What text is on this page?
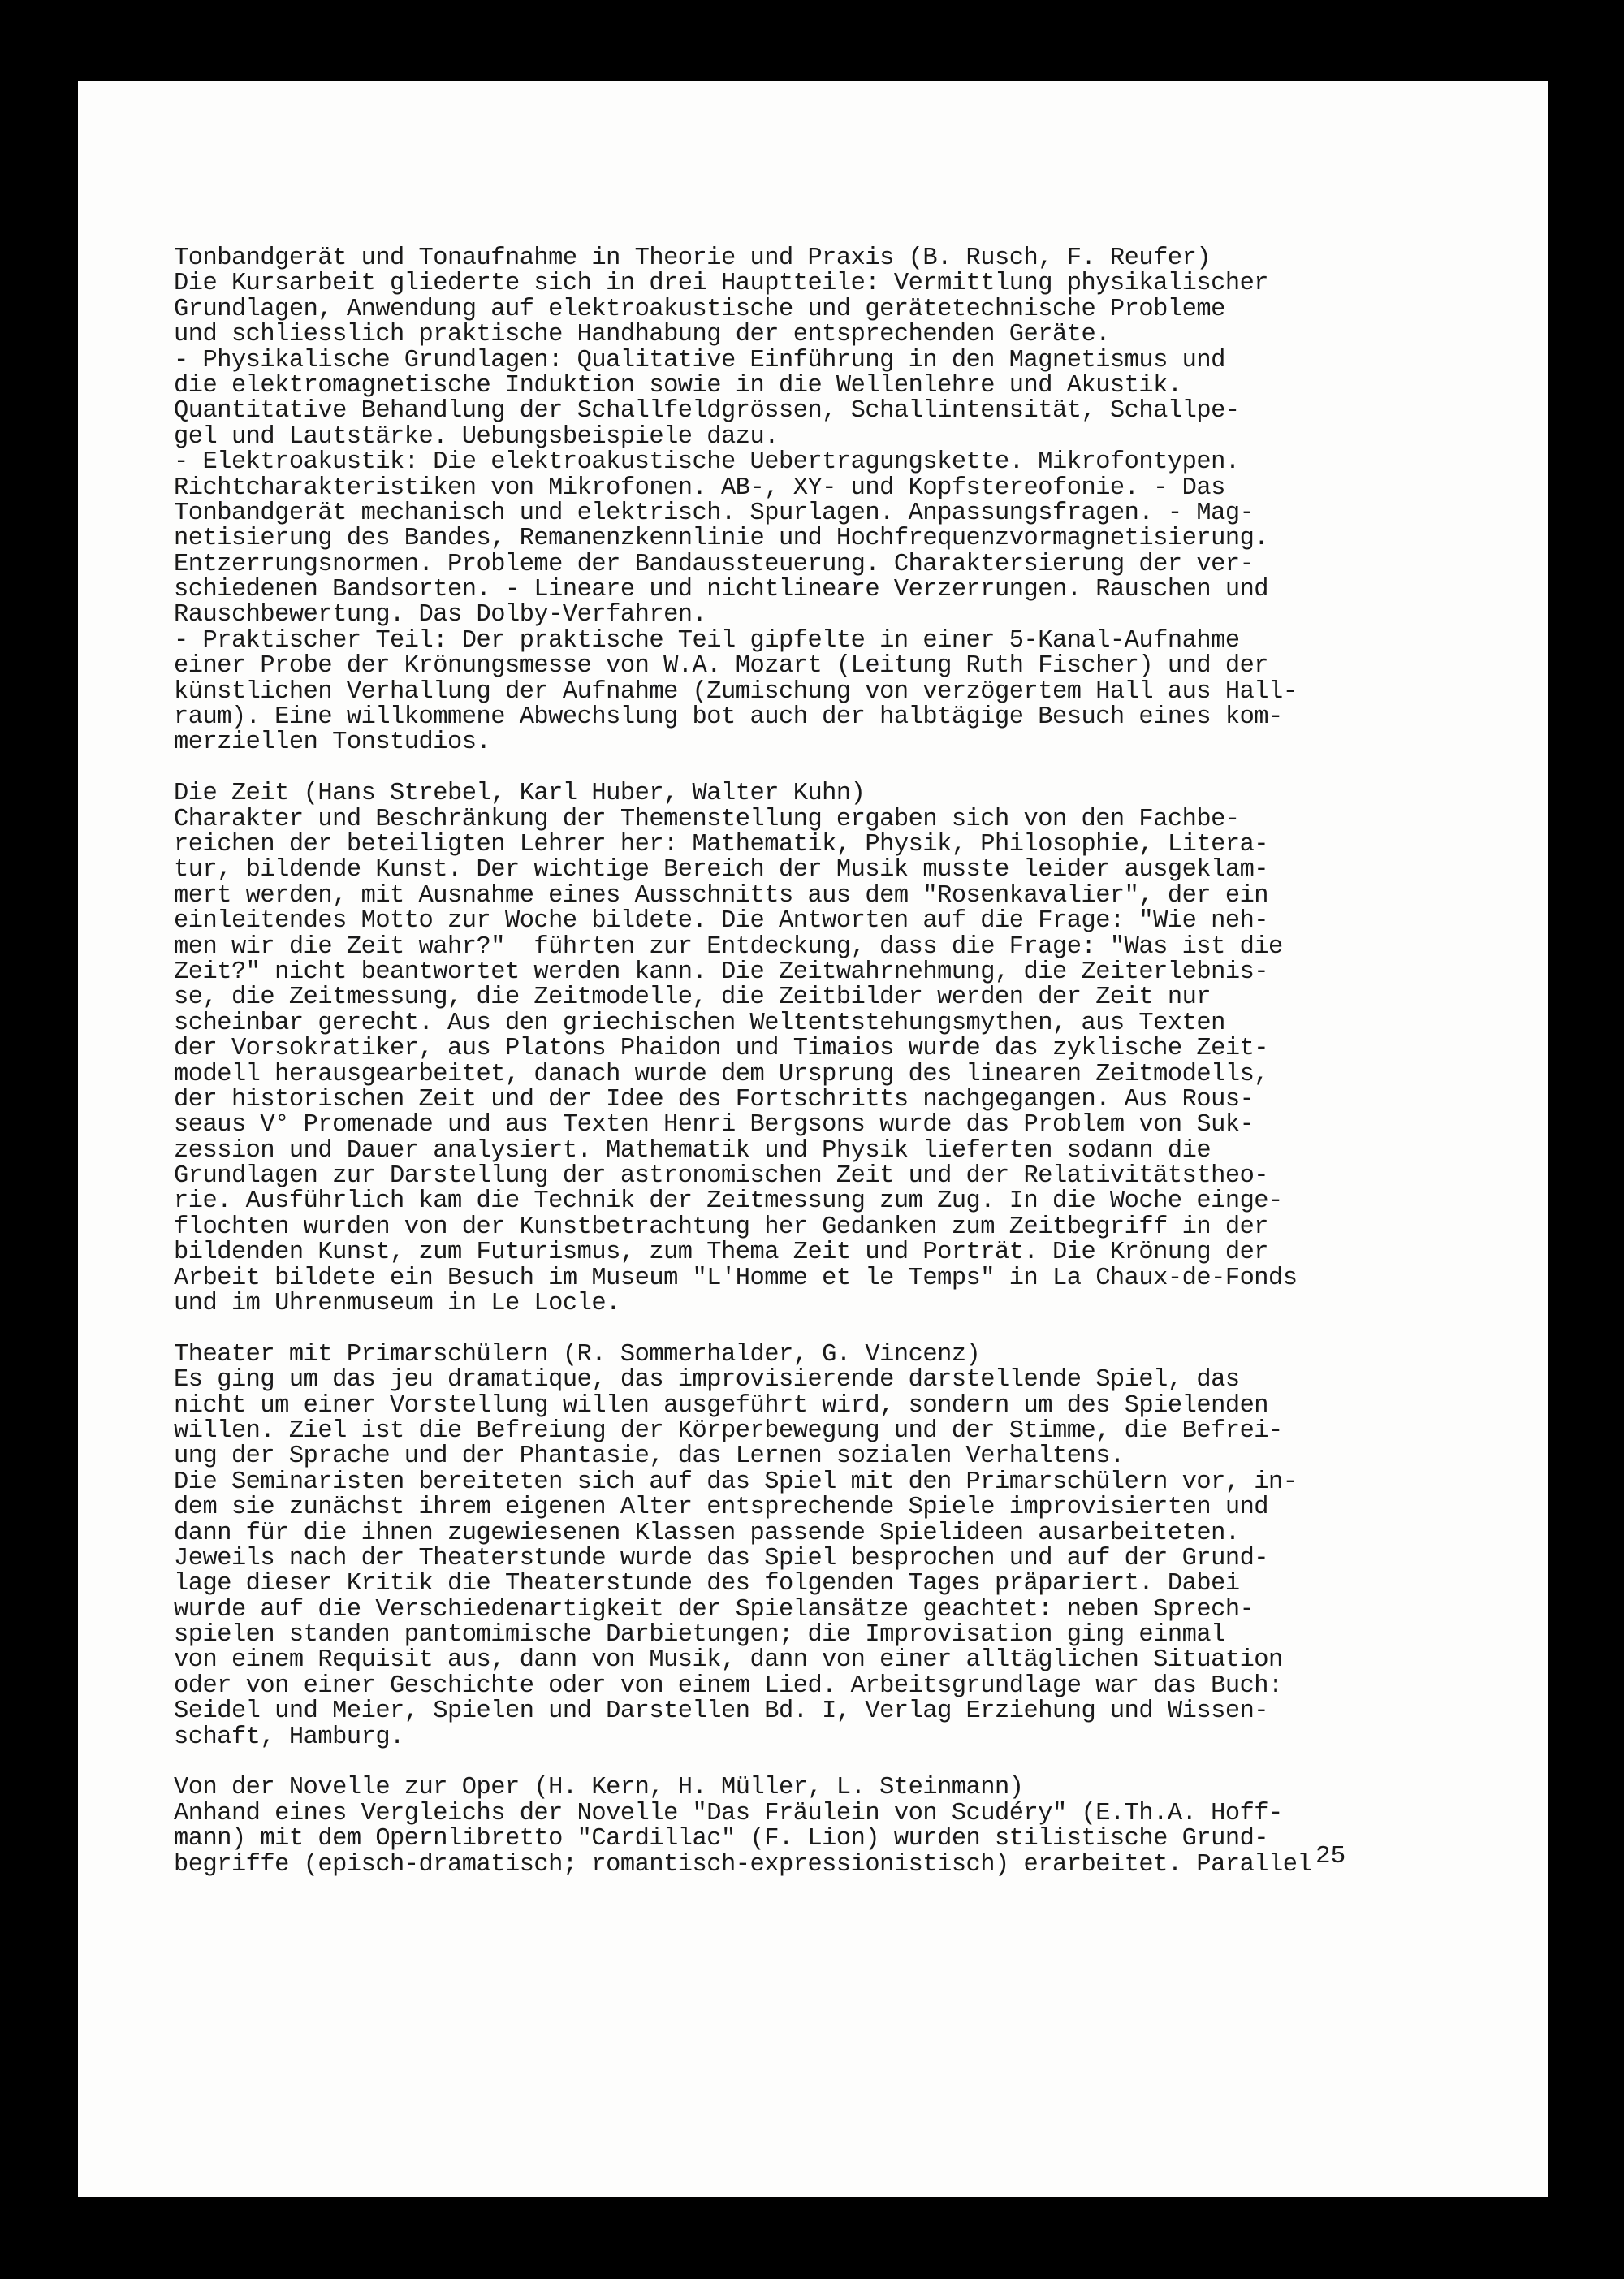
Tonbandgerät und Tonaufnahme in Theorie und Praxis (B. Rusch, F. Reufer)
Die Kursarbeit gliederte sich in drei Hauptteile: Vermittlung physikalischer
Grundlagen, Anwendung auf elektroakustische und gerätetechnische Probleme
und schliesslich praktische Handhabung der entsprechenden Geräte.
- Physikalische Grundlagen: Qualitative Einführung in den Magnetismus und
die elektromagnetische Induktion sowie in die Wellenlehre und Akustik.
Quantitative Behandlung der Schallfeldgrössen, Schallintensität, Schallpe-
gel und Lautstärke. Uebungsbeispiele dazu.
- Elektroakustik: Die elektroakustische Uebertragungskette. Mikrofontypen.
Richtcharakteristiken von Mikrofonen. AB-, XY- und Kopfstereofonie. - Das
Tonbandgerät mechanisch und elektrisch. Spurlagen. Anpassungsfragen. - Mag-
netisierung des Bandes, Remanenzkennlinie und Hochfrequenzvormagnetisierung.
Entzerrungsnormen. Probleme der Bandaussteuerung. Charaktersierung der ver-
schiedenen Bandsorten. - Lineare und nichtlineare Verzerrungen. Rauschen und
Rauschbewertung. Das Dolby-Verfahren.
- Praktischer Teil: Der praktische Teil gipfelte in einer 5-Kanal-Aufnahme
einer Probe der Krönungsmesse von W.A. Mozart (Leitung Ruth Fischer) und der
künstlichen Verhallung der Aufnahme (Zumischung von verzögertem Hall aus Hall-
raum). Eine willkommene Abwechslung bot auch der halbtägige Besuch eines kom-
merziellen Tonstudios.
Die Zeit (Hans Strebel, Karl Huber, Walter Kuhn)
Charakter und Beschränkung der Themenstellung ergaben sich von den Fachbe-
reichen der beteiligten Lehrer her: Mathematik, Physik, Philosophie, Litera-
tur, bildende Kunst. Der wichtige Bereich der Musik musste leider ausgeklam-
mert werden, mit Ausnahme eines Ausschnitts aus dem "Rosenkavalier", der ein
einleitendes Motto zur Woche bildete. Die Antworten auf die Frage: "Wie neh-
men wir die Zeit wahr?"  führten zur Entdeckung, dass die Frage: "Was ist die
Zeit?" nicht beantwortet werden kann. Die Zeitwahrnehmung, die Zeiterlebnis-
se, die Zeitmessung, die Zeitmodelle, die Zeitbilder werden der Zeit nur
scheinbar gerecht. Aus den griechischen Weltentstehungsmythen, aus Texten
der Vorsokratiker, aus Platons Phaidon und Timaios wurde das zyklische Zeit-
modell herausgearbeitet, danach wurde dem Ursprung des linearen Zeitmodells,
der historischen Zeit und der Idee des Fortschritts nachgegangen. Aus Rous-
seaus V° Promenade und aus Texten Henri Bergsons wurde das Problem von Suk-
zession und Dauer analysiert. Mathematik und Physik lieferten sodann die
Grundlagen zur Darstellung der astronomischen Zeit und der Relativitätstheo-
rie. Ausführlich kam die Technik der Zeitmessung zum Zug. In die Woche einge-
flochten wurden von der Kunstbetrachtung her Gedanken zum Zeitbegriff in der
bildenden Kunst, zum Futurismus, zum Thema Zeit und Porträt. Die Krönung der
Arbeit bildete ein Besuch im Museum "L'Homme et le Temps" in La Chaux-de-Fonds
und im Uhrenmuseum in Le Locle.
Theater mit Primarschülern (R. Sommerhalder, G. Vincenz)
Es ging um das jeu dramatique, das improvisierende darstellende Spiel, das
nicht um einer Vorstellung willen ausgeführt wird, sondern um des Spielenden
willen. Ziel ist die Befreiung der Körperbewegung und der Stimme, die Befrei-
ung der Sprache und der Phantasie, das Lernen sozialen Verhaltens.
Die Seminaristen bereiteten sich auf das Spiel mit den Primarschülern vor, in-
dem sie zunächst ihrem eigenen Alter entsprechende Spiele improvisierten und
dann für die ihnen zugewiesenen Klassen passende Spielideen ausarbeiteten.
Jeweils nach der Theaterstunde wurde das Spiel besprochen und auf der Grund-
lage dieser Kritik die Theaterstunde des folgenden Tages präpariert. Dabei
wurde auf die Verschiedenartigkeit der Spielansätze geachtet: neben Sprech-
spielen standen pantomimische Darbietungen; die Improvisation ging einmal
von einem Requisit aus, dann von Musik, dann von einer alltäglichen Situation
oder von einer Geschichte oder von einem Lied. Arbeitsgrundlage war das Buch:
Seidel und Meier, Spielen und Darstellen Bd. I, Verlag Erziehung und Wissen-
schaft, Hamburg.
Von der Novelle zur Oper (H. Kern, H. Müller, L. Steinmann)
Anhand eines Vergleichs der Novelle "Das Fräulein von Scudéry" (E.Th.A. Hoff-
mann) mit dem Opernlibretto "Cardillac" (F. Lion) wurden stilistische Grund-
begriffe (episch-dramatisch; romantisch-expressionistisch) erarbeitet. Parallel 25
